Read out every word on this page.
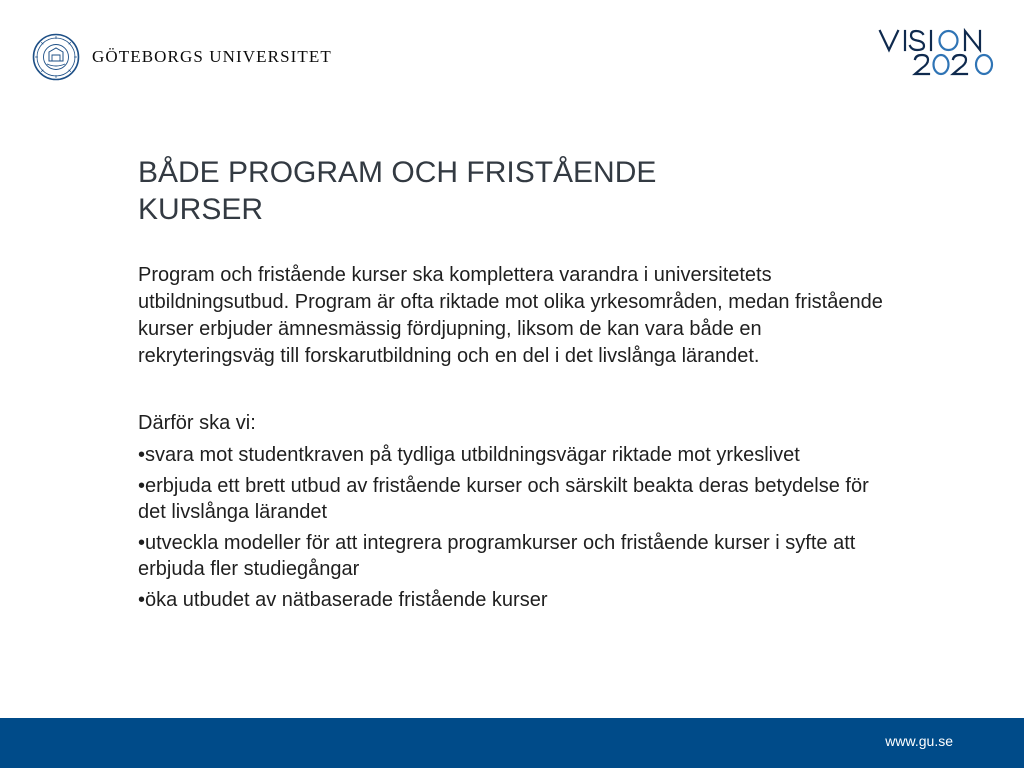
GÖTEBORGS UNIVERSITET
BÅDE PROGRAM OCH FRISTÅENDE KURSER

Program och fristående kurser ska komplettera varandra i universitetets utbildningsutbud. Program är ofta riktade mot olika yrkesområden, medan fristående kurser erbjuder ämnesmässig fördjupning, liksom de kan vara både en rekryteringsväg till forskarutbildning och en del i det livslånga lärandet.

Därför ska vi:

•svara mot studentkraven på tydliga utbildningsvägar riktade mot yrkeslivet
•erbjuda ett brett utbud av fristående kurser och särskilt beakta deras betydelse för det livslånga lärandet
•utveckla modeller för att integrera programkurser och fristående kurser i syfte att erbjuda fler studiegångar
•öka utbudet av nätbaserade fristående kurser
www.gu.se
